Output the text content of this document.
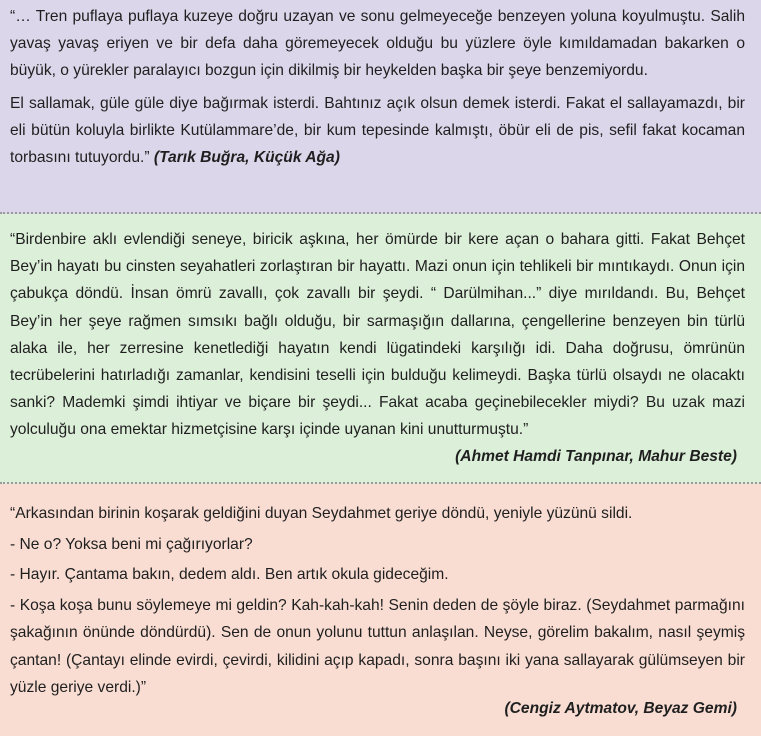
“… Tren puflaya puflaya kuzeye doğru uzayan ve sonu gelmeyeceğe benzeyen yoluna koyulmuştu. Salih yavaş yavaş eriyen ve bir defa daha göremeyecek olduğu bu yüzlere öyle kımıldamadan bakarken o büyük, o yürekler paralayıcı bozgun için dikilmiş bir heykelden başka bir şeye benzemiyordu.

El sallamak, güle güle diye bağırmak isterdi. Bahtınız açık olsun demek isterdi. Fakat el sallayamazdı, bir eli bütün koluyla birlikte Kutülammare’de, bir kum tepesinde kalmıştı, öbür eli de pis, sefil fakat kocaman torbasını tutuyordu.” (Tarık Buğra, Küçük Ağa)

“Birdenbire aklı evlendiği seneye, biricik aşkına, her ömürde bir kere açan o bahara gitti. Fakat Behçet Bey’in hayatı bu cinsten seyahatleri zorlaştıran bir hayattı. Mazi onun için tehlikeli bir mıntıkaydı. Onun için çabukça döndü. İnsan ömrü zavallı, çok zavallı bir şeydi. “ Darülmihan...” diye mırıldandı. Bu, Behçet Bey’in her şeye rağmen sımsıkı bağlı olduğu, bir sarmaşığın dallarına, çengellerine benzeyen bin türlü alaka ile, her zerresine kenetlediği hayatın kendi lügatindeki karşılığı idi. Daha doğrusu, ömrünün tecrübelerini hatırladığı zamanlar, kendisini teselli için bulduğu kelimeydi. Başka türlü olsaydı ne olacaktı sanki? Mademki şimdi ihtiyar ve biçare bir şeydi... Fakat acaba geçinebilecekler miydi? Bu uzak mazi yolculuğu ona emektar hizmetçisine karşı içinde uyanan kini unutturmuştu.”

(Ahmet Hamdi Tanpınar, Mahur Beste)

“Arkasından birinin koşarak geldiğini duyan Seydahmet geriye döndü, yeniyle yüzünü sildi.

- Ne o? Yoksa beni mi çağırıyorlar?

- Hayır. Çantama bakın, dedem aldı. Ben artık okula gideceğim.

- Koşa koşa bunu söylemeye mi geldin? Kah-kah-kah! Senin deden de şöyle biraz. (Seydahmet parmağını şakağının önünde döndürdü). Sen de onun yolunu tuttun anlaşılan. Neyse, görelim bakalım, nasıl şeymiş çantan! (Çantayı elinde evirdi, çevirdi, kilidini açıp kapadı, sonra başını iki yana sallayarak gülümseyen bir yüzle geriye verdi.)”

(Cengiz Aytmatov, Beyaz Gemi)
